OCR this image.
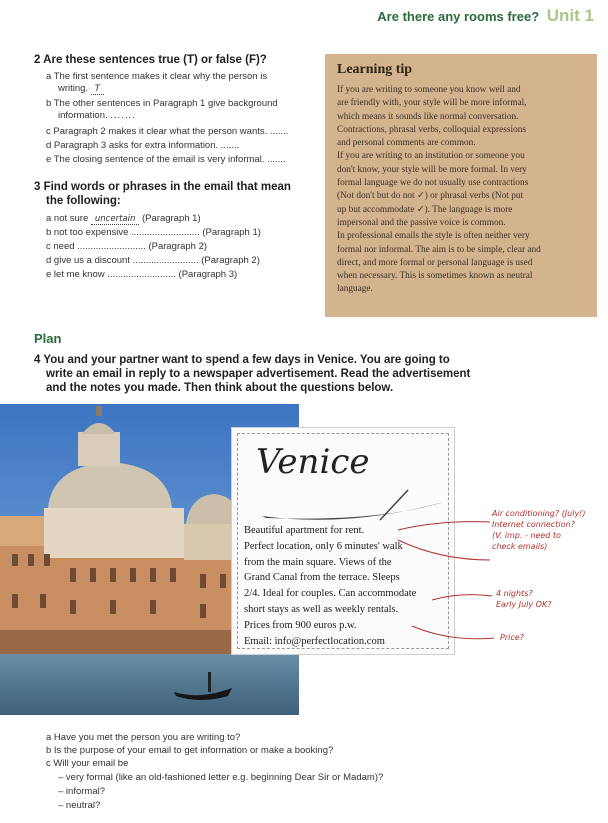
Are there any rooms free? Unit 1
2 Are these sentences true (T) or false (F)?
a The first sentence makes it clear why the person is
writing. T
b The other sentences in Paragraph 1 give background
information. .......
c Paragraph 2 makes it clear what the person wants. .......
d Paragraph 3 asks for extra information. .......
e The closing sentence of the email is very informal. .......
3 Find words or phrases in the email that mean
the following:
a not sure uncertain (Paragraph 1)
b not too expensive .......................... (Paragraph 1)
c need .......................... (Paragraph 2)
d give us a discount ......................... (Paragraph 2)
e let me know .......................... (Paragraph 3)
Learning tip
If you are writing to someone you know well and
are friendly with, your style will be more informal,
which means it sounds like normal conversation.
Contractions, phrasal verbs, colloquial expressions
and personal comments are common.
If you are writing to an institution or someone you
don't know, your style will be more formal. In very
formal language we do not usually use contractions
(Not don't but do not ✓) or phrasal verbs (Not put
up but accommodate ✓). The language is more
impersonal and the passive voice is common.
In professional emails the style is often neither very
formal nor informal. The aim is to be simple, clear and
direct, and more formal or personal language is used
when necessary. This is sometimes known as neutral
language.
Plan
4 You and your partner want to spend a few days in Venice. You are going to
write an email in reply to a newspaper advertisement. Read the advertisement
and the notes you made. Then think about the questions below.
Venice
Beautiful apartment for rent.
Perfect location, only 6 minutes' walk
from the main square. Views of the
Grand Canal from the terrace. Sleeps
2/4. Ideal for couples. Can accommodate
short stays as well as weekly rentals.
Prices from 900 euros p.w.
Email: info@perfectlocation.com
Air conditioning? (July!)
Internet connection?
(V. imp. - need to
check emails)
4 nights?
Early July OK?
Price?
a Have you met the person you are writing to?
b Is the purpose of your email to get information or make a booking?
c Will your email be
– very formal (like an old-fashioned letter e.g. beginning Dear Sir or Madam)?
– informal?
– neutral?
